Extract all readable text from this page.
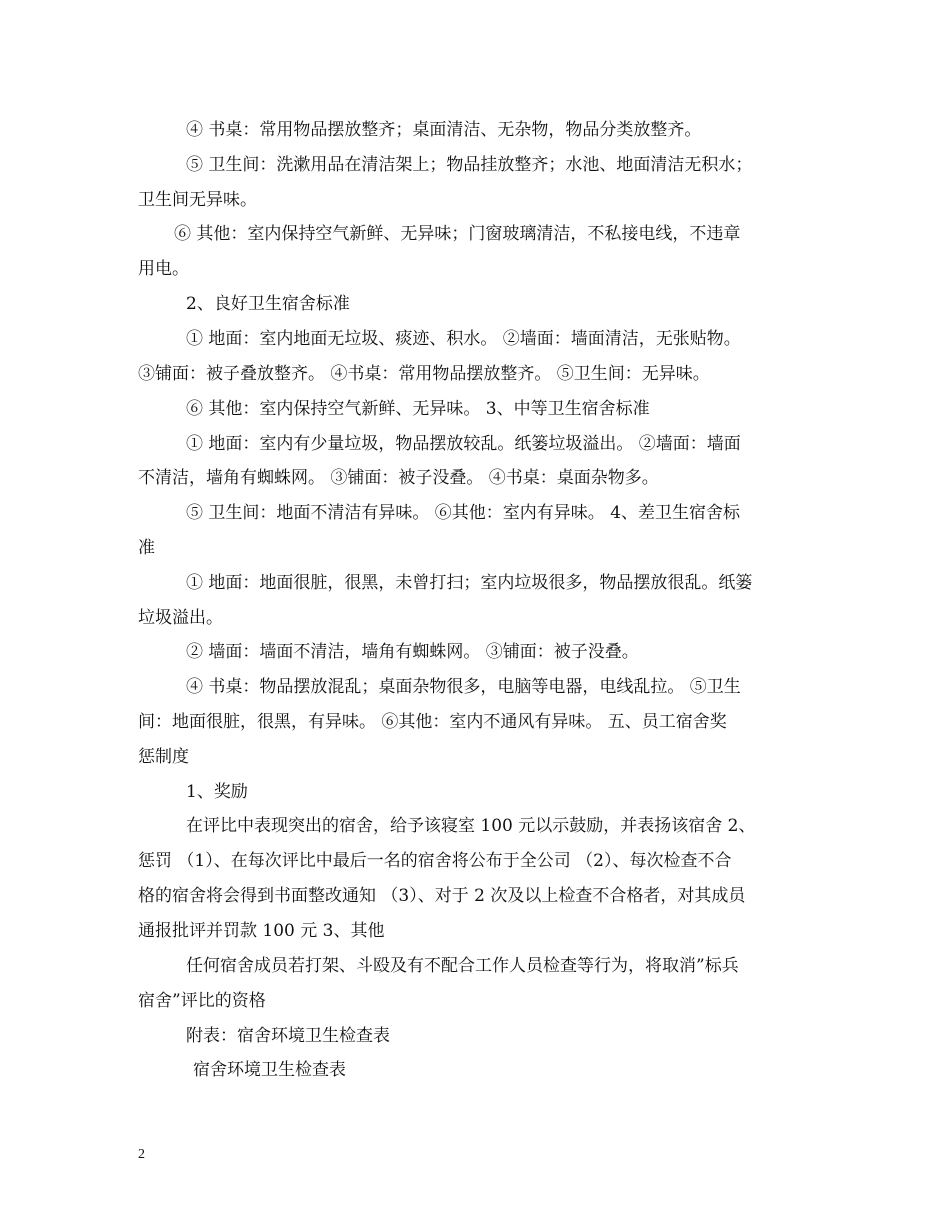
④ 书桌：常用物品摆放整齐；桌面清洁、无杂物，物品分类放整齐。
⑤ 卫生间：洗漱用品在清洁架上；物品挂放整齐；水池、地面清洁无积水；
卫生间无异味。
⑥ 其他：室内保持空气新鲜、无异味；门窗玻璃清洁，不私接电线，不违章
用电。
2、良好卫生宿舍标准
① 地面：室内地面无垃圾、痰迹、积水。 ②墙面：墙面清洁，无张贴物。
③铺面：被子叠放整齐。 ④书桌：常用物品摆放整齐。 ⑤卫生间：无异味。
⑥ 其他：室内保持空气新鲜、无异味。 3、中等卫生宿舍标准
① 地面：室内有少量垃圾，物品摆放较乱。纸篓垃圾溢出。 ②墙面：墙面
不清洁，墙角有蜘蛛网。 ③铺面：被子没叠。 ④书桌：桌面杂物多。
⑤ 卫生间：地面不清洁有异味。 ⑥其他：室内有异味。 4、差卫生宿舍标
准
① 地面：地面很脏，很黑，未曾打扫；室内垃圾很多，物品摆放很乱。纸篓
垃圾溢出。
② 墙面：墙面不清洁，墙角有蜘蛛网。 ③铺面：被子没叠。
④ 书桌：物品摆放混乱；桌面杂物很多，电脑等电器，电线乱拉。 ⑤卫生
间：地面很脏，很黑，有异味。 ⑥其他：室内不通风有异味。 五、员工宿舍奖
惩制度
1、奖励
在评比中表现突出的宿舍，给予该寝室 100 元以示鼓励，并表扬该宿舍 2、
惩罚 （1）、在每次评比中最后一名的宿舍将公布于全公司 （2）、每次检查不合
格的宿舍将会得到书面整改通知 （3）、对于 2 次及以上检查不合格者，对其成员
通报批评并罚款 100 元 3、其他
任何宿舍成员若打架、斗殴及有不配合工作人员检查等行为，将取消”标兵
宿舍”评比的资格
附表：宿舍环境卫生检查表
宿舍环境卫生检查表
2
